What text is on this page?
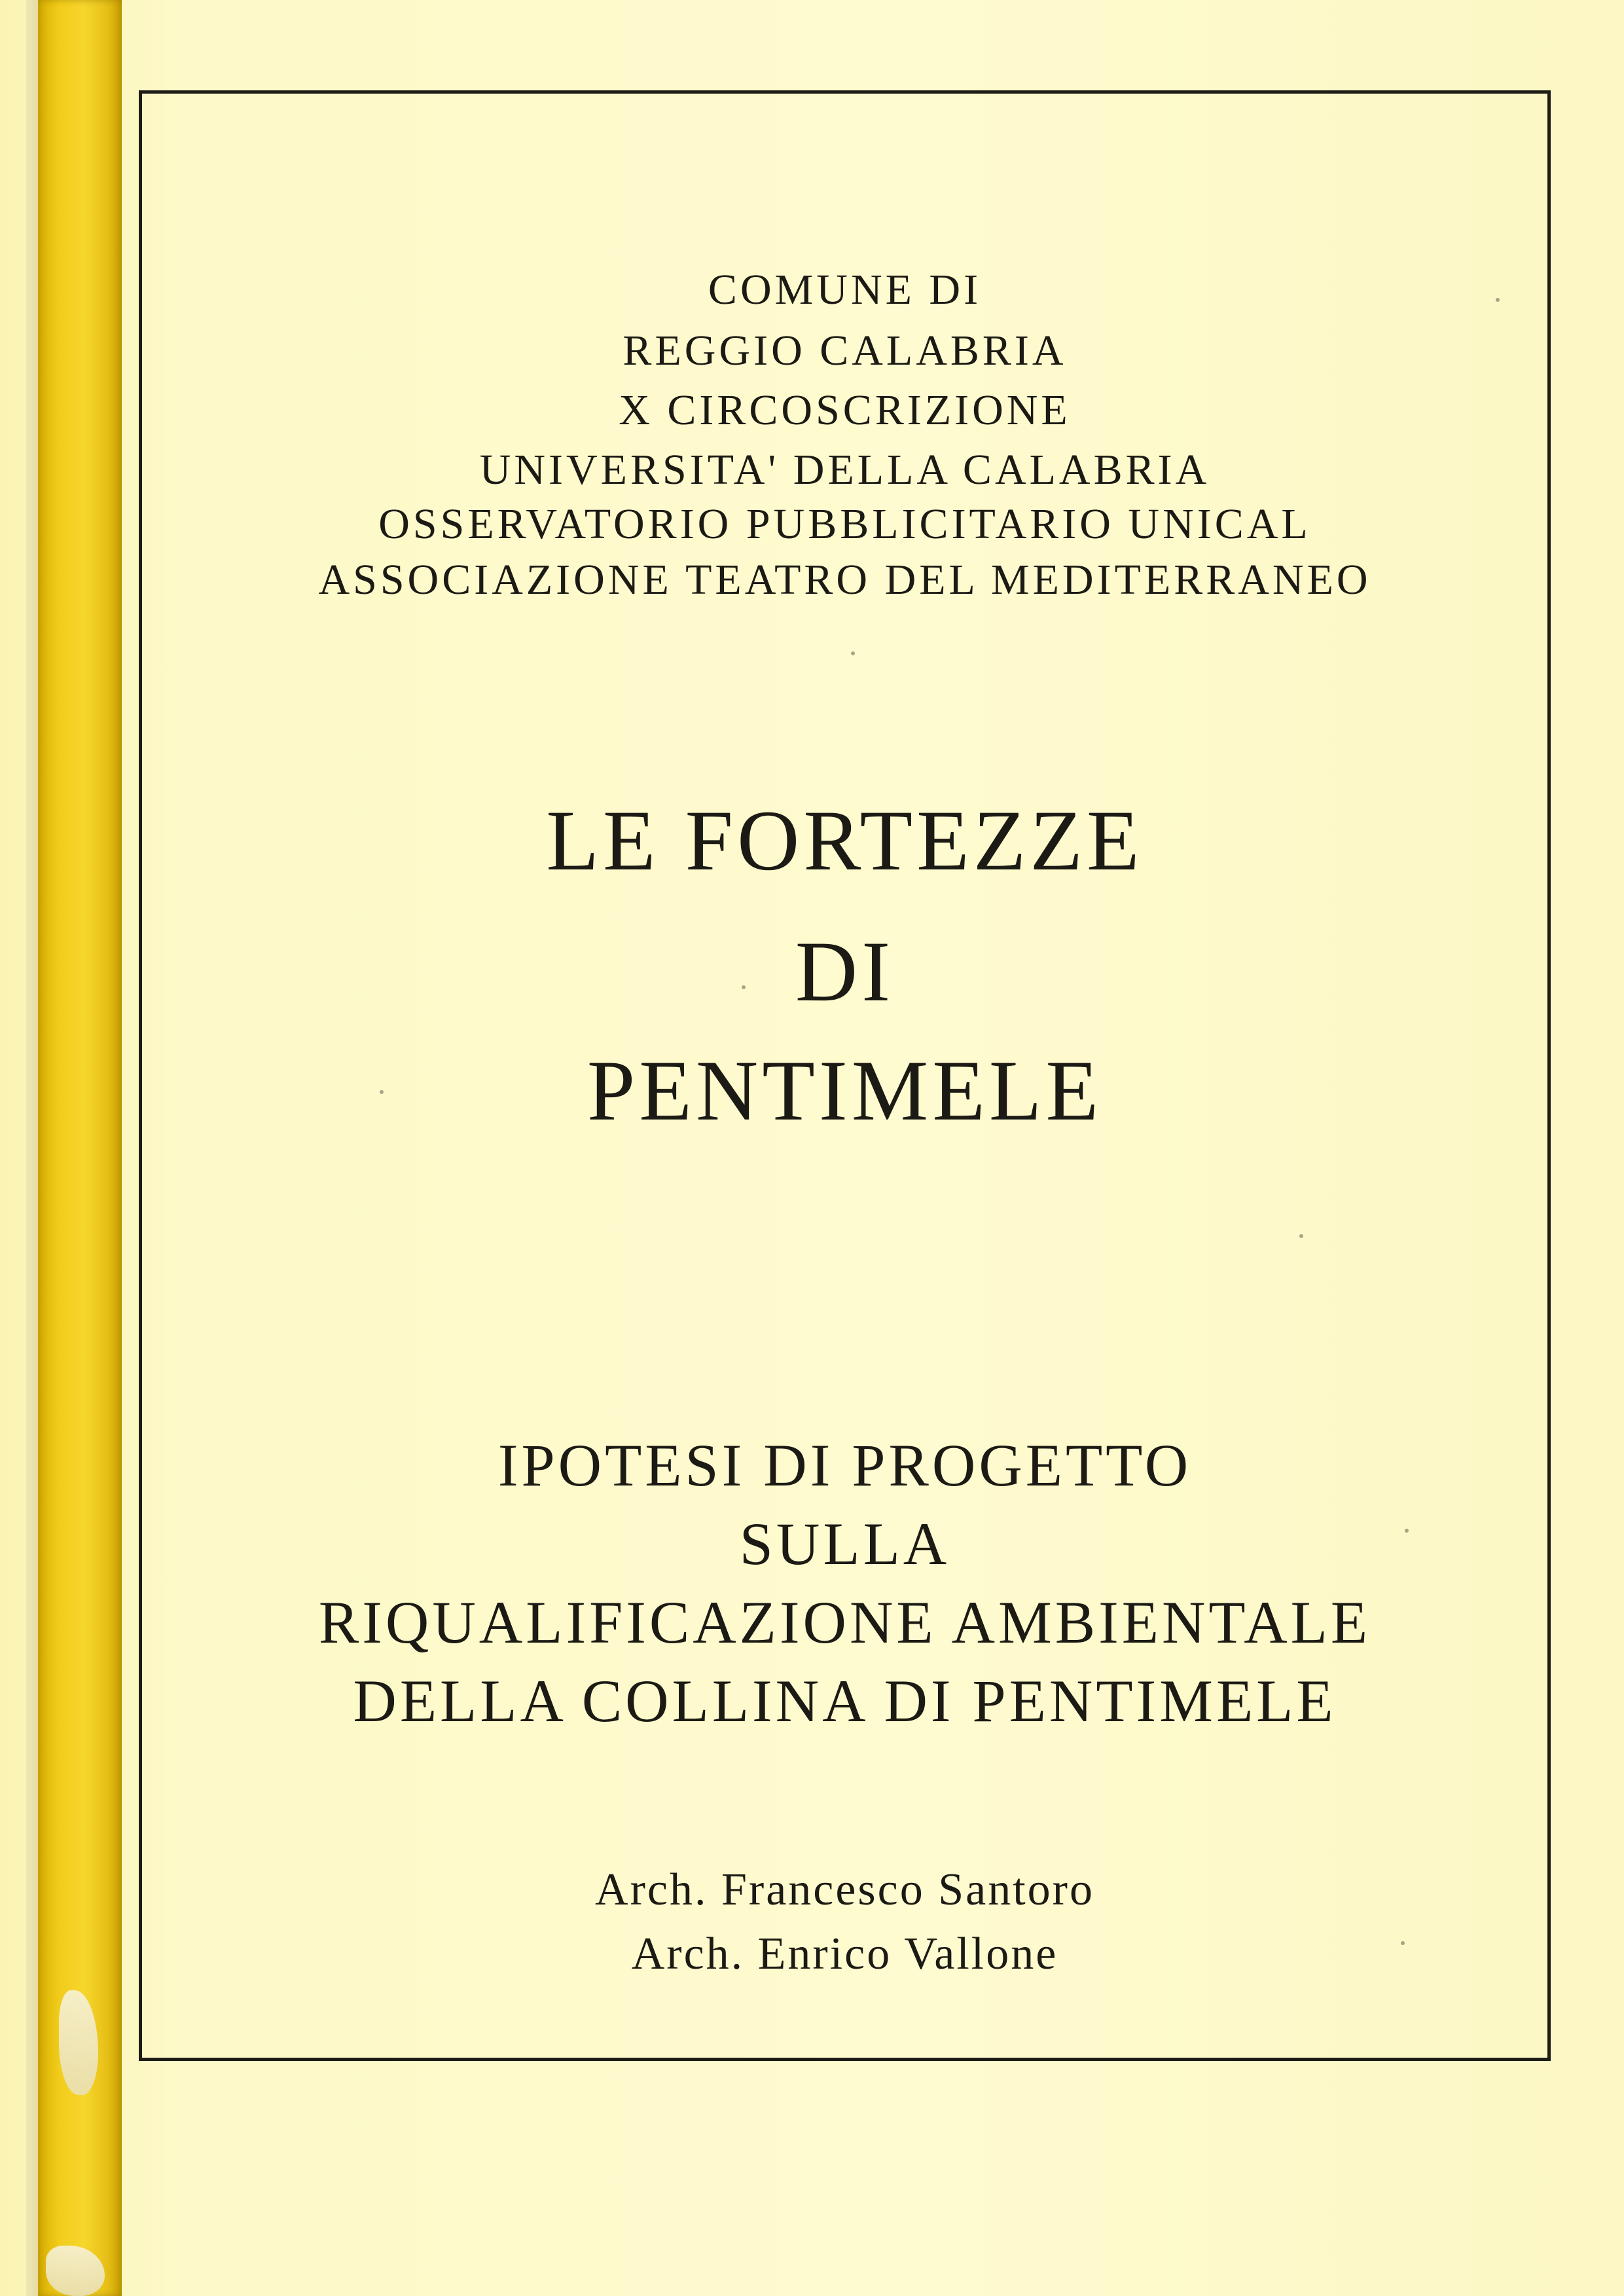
COMUNE DI
REGGIO CALABRIA
X CIRCOSCRIZIONE
UNIVERSITA' DELLA CALABRIA
OSSERVATORIO PUBBLICITARIO UNICAL
ASSOCIAZIONE TEATRO DEL MEDITERRANEO
LE FORTEZZE
DI
PENTIMELE
IPOTESI DI PROGETTO
SULLA
RIQUALIFICAZIONE AMBIENTALE
DELLA COLLINA DI PENTIMELE
Arch. Francesco Santoro
Arch. Enrico Vallone
